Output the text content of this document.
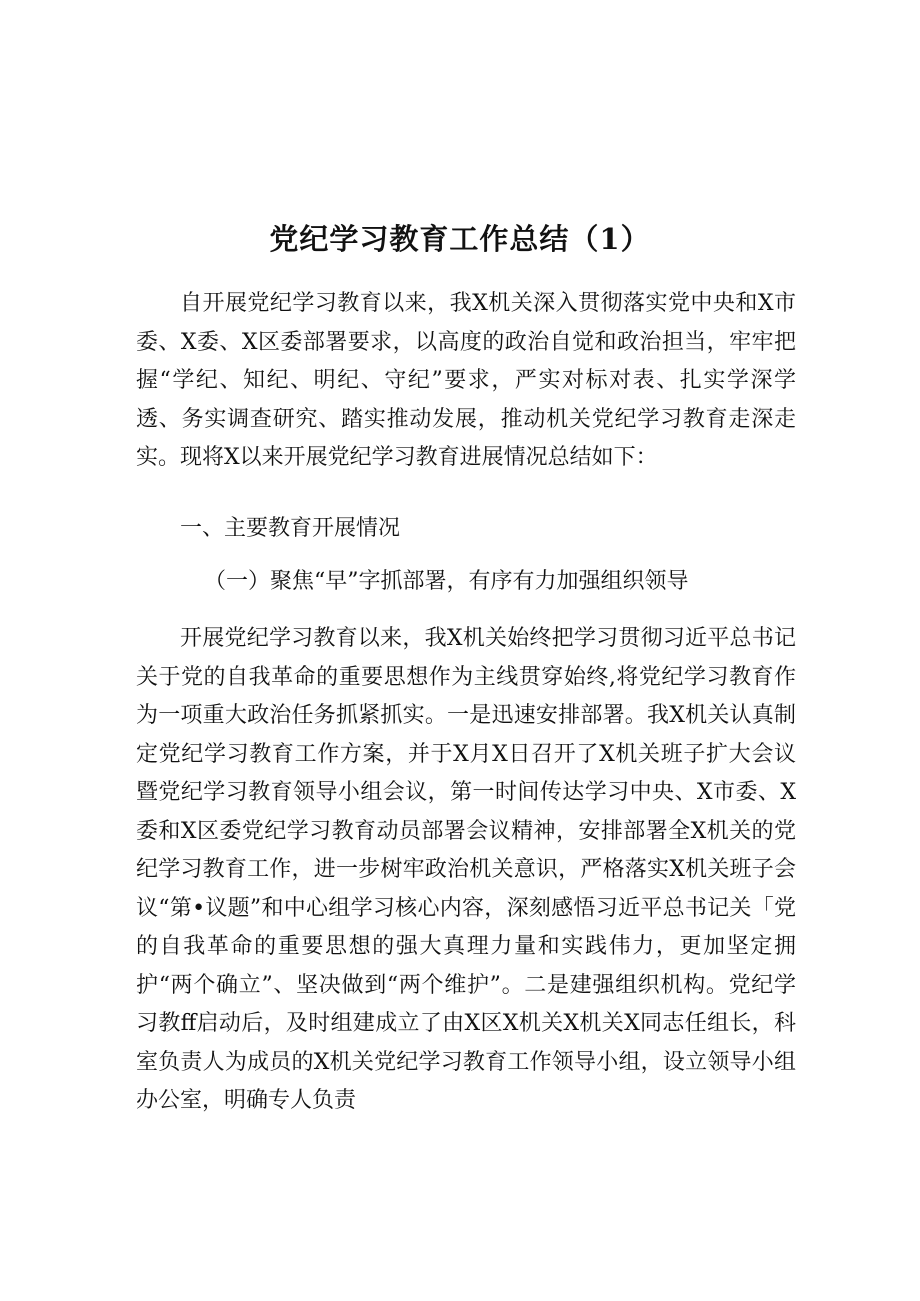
党纪学习教育工作总结（1）

自开展党纪学习教育以来，我X机关深入贯彻落实党中央和X市委、X委、X区委部署要求，以高度的政治自觉和政治担当，牢牢把握“学纪、知纪、明纪、守纪”要求，严实对标对表、扎实学深学透、务实调查研究、踏实推动发展，推动机关党纪学习教育走深走实。现将X以来开展党纪学习教育进展情况总结如下：

一、主要教育开展情况

（一）聚焦“早”字抓部署，有序有力加强组织领导

开展党纪学习教育以来，我X机关始终把学习贯彻习近平总书记关于党的自我革命的重要思想作为主线贯穿始终,将党纪学习教育作为一项重大政治任务抓紧抓实。一是迅速安排部署。我X机关认真制定党纪学习教育工作方案，并于X月X日召开了X机关班子扩大会议暨党纪学习教育领导小组会议，第一时间传达学习中央、X市委、X委和X区委党纪学习教育动员部署会议精神，安排部署全X机关的党纪学习教育工作，进一步树牢政治机关意识，严格落实X机关班子会议“第•议题”和中心组学习核心内容，深刻感悟习近平总书记关「党的自我革命的重要思想的强大真理力量和实践伟力，更加坚定拥护“两个确立”、坚决做到“两个维护”。二是建强组织机构。党纪学习教ff启动后，及时组建成立了由X区X机关X机关X同志任组长，科室负责人为成员的X机关党纪学习教育工作领导小组，设立领导小组办公室，明确专人负责
